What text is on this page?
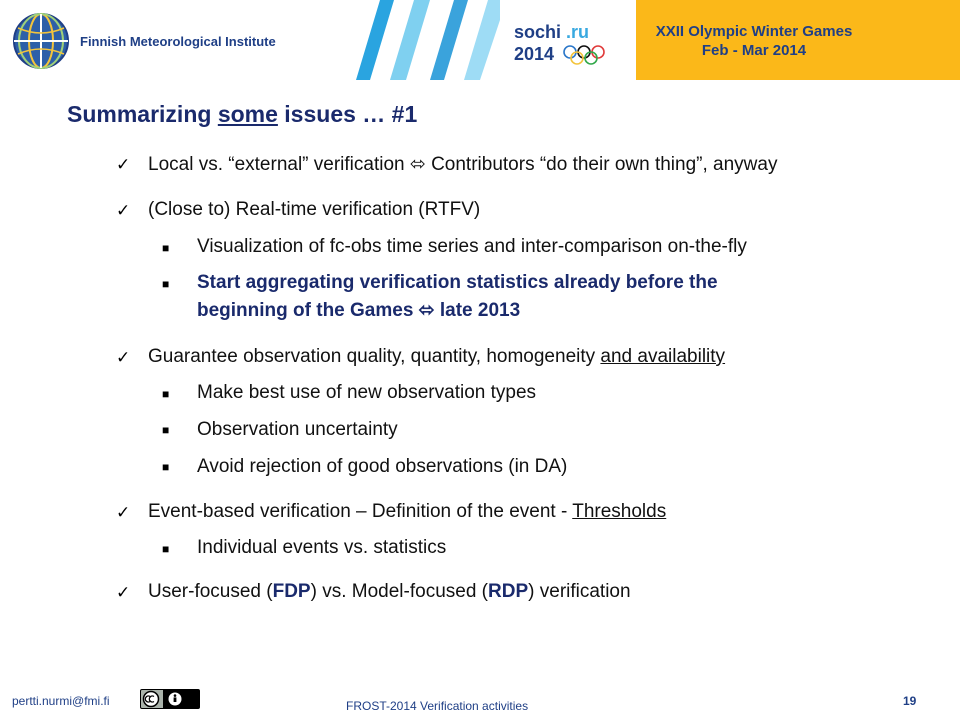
Finnish Meteorological Institute	sochi .ru
2014
XXII Olympic Winter Games
Feb - Mar 2014
Summarizing some issues … #1
✓ Local vs. “external” verification ⬄ Contributors “do their own thing”, anyway
✓ (Close to) Real-time verification (RTFV)
■ Visualization of fc-obs time series and inter-comparison on-the-fly
■ Start aggregating verification statistics already before the
beginning of the Games ⬄ late 2013
✓ Guarantee observation quality, quantity, homogeneity and availability
■ Make best use of new observation types
■ Observation uncertainty
■ Avoid rejection of good observations (in DA)
✓ Event-based verification – Definition of the event - Thresholds
■ Individual events vs. statistics
✓ User-focused (FDP) vs. Model-focused (RDP) verification
pertti.nurmi@fmi.fi	FROST-2014 Verification activities	19
